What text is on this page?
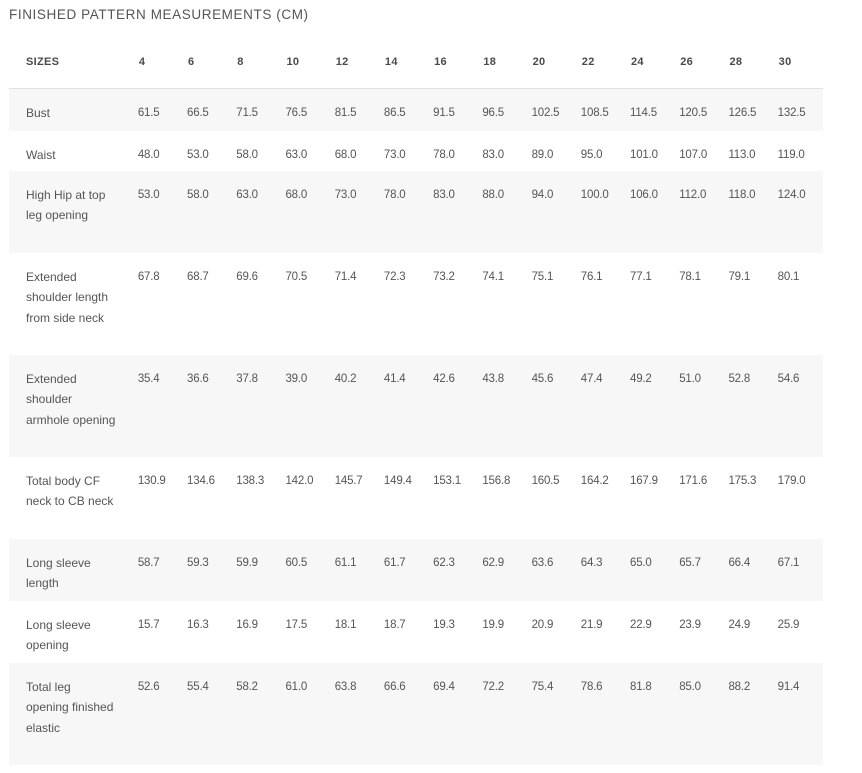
FINISHED PATTERN MEASUREMENTS (CM)
SIZES	4	6	8	10	12	14	16	18	20	22	24	26	28	30
Bust	61.5	66.5	71.5	76.5	81.5	86.5	91.5	96.5	102.5	108.5	114.5	120.5	126.5	132.5
Waist	48.0	53.0	58.0	63.0	68.0	73.0	78.0	83.0	89.0	95.0	101.0	107.0	113.0	119.0
High Hip at top leg opening	53.0	58.0	63.0	68.0	73.0	78.0	83.0	88.0	94.0	100.0	106.0	112.0	118.0	124.0
Extended shoulder length from side neck	67.8	68.7	69.6	70.5	71.4	72.3	73.2	74.1	75.1	76.1	77.1	78.1	79.1	80.1
Extended shoulder armhole opening	35.4	36.6	37.8	39.0	40.2	41.4	42.6	43.8	45.6	47.4	49.2	51.0	52.8	54.6
Total body CF neck to CB neck	130.9	134.6	138.3	142.0	145.7	149.4	153.1	156.8	160.5	164.2	167.9	171.6	175.3	179.0
Long sleeve length	58.7	59.3	59.9	60.5	61.1	61.7	62.3	62.9	63.6	64.3	65.0	65.7	66.4	67.1
Long sleeve opening	15.7	16.3	16.9	17.5	18.1	18.7	19.3	19.9	20.9	21.9	22.9	23.9	24.9	25.9
Total leg opening finished elastic	52.6	55.4	58.2	61.0	63.8	66.6	69.4	72.2	75.4	78.6	81.8	85.0	88.2	91.4
